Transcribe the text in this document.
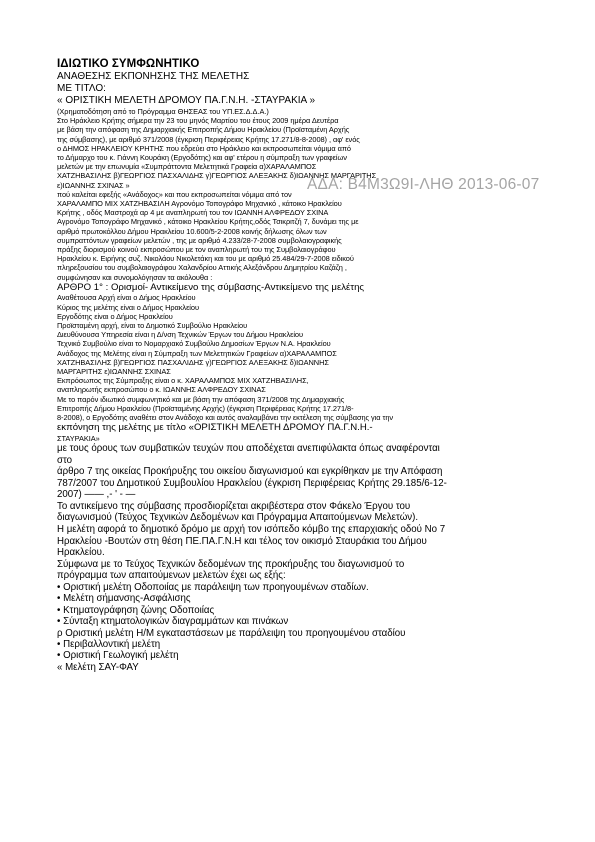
ΑΔΑ: Β4Μ3Ω9Ι-ΛΗΘ 2013-06-07
ΙΔΙΩΤΙΚΟ ΣΥΜΦΩΝΗΤΙΚΟ
ΑΝΑΘΕΣΗΣ ΕΚΠΟΝΗΣΗΣ ΤΗΣ ΜΕΛΕΤΗΣ
ΜΕ ΤΙΤΛΟ:
« ΟΡΙΣΤΙΚΗ ΜΕΛΕΤΗ ΔΡΟΜΟΥ ΠΑ.Γ.Ν.Η. -ΣΤΑΥΡΑΚΙΑ »
(Χρηματοδότηση από το Πρόγραμμα ΘΗΣΕΑΣ του ΥΠ.ΕΣ.Δ.Δ.Α.)
Στο Ηράκλειο Κρήτης σήμερα την 23 του μηνός Μαρτίου του έτους 2009 ημέρα Δευτέρα
με βάση την απόφαση της Δημαρχιακής Επιτροπής Δήμου Ηρακλείου (Προϊσταμένη Αρχής
της σύμβασης), με αριθμό 371/2008 (έγκριση Περιφέρειας Κρήτης 17.271/8-8-2008) , αφ' ενός
ο ΔΗΜΟΣ ΗΡΑΚΛΕΙΟΥ ΚΡΗΤΗΣ που εδρεύει στο Ηράκλειο και εκπροσωπείται νόμιμα από
το Δήμαρχο του κ. Γιάννη Κουράκη (Εργοδότης) και αφ' ετέρου η σύμπραξη των γραφείων
μελετών με την επωνυμία «Συμπράττοντα Μελετητικά Γραφεία α)ΧΑΡΑΛΑΜΠΟΣ
ΧΑΤΖΗΒΑΣΙΛΗΣ β)ΓΕΩΡΓΙΟΣ ΠΑΣΧΑΛΙΔΗΣ γ)ΓΕΩΡΓΙΟΣ ΑΛΕΞΑΚΗΣ δ)ΙΩΑΝΝΗΣ ΜΑΡΓΑΡΙΤΗΣ
ε)ΙΩΑΝΝΗΣ ΣΧΙΝΑΣ »
πού καλείται εφεξής «Ανάδοχος» και που εκπροσωπείται νόμιμα από τον
ΧΑΡΑΛΑΜΠΟ ΜΙΧ ΧΑΤΖΗΒΑΣΙΛΗ Αγρονόμο Τοπογράφο Μηχανικό , κάτοικο Ηρακλείου
Κρήτης , οδός Μαστροχά αρ 4 με αναπληρωτή του τον ΙΩΑΝΝΗ ΑΛΦΡΕΔΟΥ ΣΧΙΝΑ
Αγρονόμο Τοπογράφο Μηχανικό , κάτοικο Ηρακλείου Κρήτης,οδός Τσικριτζή 7, δυνάμει της με
αριθμό πρωτοκόλλου Δήμου Ηρακλείου 10.600/5-2-2008 κοινής δήλωσης όλων των
συμπραττόντων γραφείων μελετών , της με αριθμό 4.233/28-7-2008 συμβολαιογραφικής
πράξης διορισμού κοινού εκπροσώπου με τον αναπληρωτή του της Συμβολαιογράφου
Ηρακλείου κ. Ειρήνης συζ. Νικολάου Νικολετάκη και του με αριθμό 25.484/29-7-2008 ειδικού
πληρεξουσίου του συμβολαιογράφου Χαλανδρίου Αττικής Αλεξάνδρου Δημητρίου Καζάζη ,
συμφώνησαν και συνομολόγησαν τα ακόλουθα :
ΑΡΘΡΟ 1° : Ορισμοί- Αντικείμενο της σύμβασης-Αντικείμενο της μελέτης
Αναθέτουσα Αρχή είναι ο Δήμος Ηρακλείου
Κύριος της μελέτης είναι ο Δήμος Ηρακλείου
Εργοδότης είναι ο Δήμος Ηρακλείου
Προϊσταμένη αρχή, είναι το Δημοτικό Συμβούλιο Ηρακλείου
Διευθύνουσα Υπηρεσία είναι η Δ/νση Τεχνικών Έργων του Δήμου Ηρακλείου
Τεχνικό Συμβούλιο είναι το Νομαρχιακό Συμβούλιο Δημοσίων Έργων Ν.Α. Ηρακλείου
Ανάδοχος της Μελέτης είναι η Σύμπραξη των Μελετητικών Γραφείων α)ΧΑΡΑΛΑΜΠΟΣ
ΧΑΤΖΗΒΑΣΙΛΗΣ β)ΓΕΩΡΓΙΟΣ ΠΑΣΧΑΛΙΔΗΣ γ)ΓΕΩΡΓΙΟΣ ΑΛΕΞΑΚΗΣ δ)ΙΩΑΝΝΗΣ
ΜΑΡΓΑΡΙΤΗΣ ε)ΙΩΑΝΝΗΣ ΣΧΙΝΑΣ
Εκπρόσωπος της Σύμπραξης είναι ο κ. ΧΑΡΑΛΑΜΠΟΣ ΜΙΧ ΧΑΤΖΗΒΑΣΙΛΗΣ,
αναπληρωτής εκπροσώπου ο κ. ΙΩΑΝΝΗΣ ΑΛΦΡΕΔΟΥ ΣΧΙΝΑΣ
Με το παρόν ιδιωτικό συμφωνητικό και με βάση την απόφαση 371/2008 της Δημαρχιακής
Επιτροπής Δήμου Ηρακλείου (Προϊσταμένης Αρχής) (έγκριση Περιφέρειας Κρήτης 17.271/8-
8-2008), ο Εργοδότης αναθέτει στον Ανάδοχο και αυτός αναλαμβάνει την εκτέλεση της σύμβασης για την
εκπόνηση της μελέτης με τίτλο «ΟΡΙΣΤΙΚΗ ΜΕΛΕΤΗ ΔΡΟΜΟΥ ΠΑ.Γ.Ν.Η.-
ΣΤΑΥΡΑΚΙΑ»
με τους όρους των συμβατικών τευχών που αποδέχεται ανεπιφύλακτα όπως αναφέρονται
στο
άρθρο 7 της οικείας Προκήρυξης του οικείου διαγωνισμού και εγκρίθηκαν με την Απόφαση
787/2007 του Δημοτικού Συμβουλίου Ηρακλείου (έγκριση Περιφέρειας Κρήτης 29.185/6-12-
2007) —— ,- ' - —
Το αντικείμενο της σύμβασης προσδιορίζεται ακριβέστερα στον Φάκελο Έργου του
διαγωνισμού (Τεύχος Τεχνικών Δεδομένων και Πρόγραμμα Απαιτούμενων Μελετών).
Η μελέτη αφορά το δημοτικό δρόμο με αρχή τον ισόπεδο κόμβο της επαρχιακής οδού Νο 7
Ηρακλείου -Βουτών στη θέση ΠΕ.ΠΑ.Γ.Ν.Η και τέλος τον οικισμό Σταυράκια του Δήμου
Ηρακλείου.
Σύμφωνα με το Τεύχος Τεχνικών δεδομένων της προκήρυξης του διαγωνισμού το
πρόγραμμα των απαιτούμενων μελετών έχει ως εξής:
• Οριστική μελέτη Οδοποιίας με παράλειψη των προηγουμένων σταδίων.
• Μελέτη σήμανσης-Ασφάλισης
• Κτηματογράφηση ζώνης Οδοποιίας
• Σύνταξη κτηματολογικών διαγραμμάτων και πινάκων
ρ Οριστική μελέτη Η/Μ εγκαταστάσεων με παράλειψη του προηγουμένου σταδίου
• Περιβαλλοντική μελέτη
• Οριστική Γεωλογική μελέτη
« Μελέτη ΣΑΥ-ΦΑΥ
